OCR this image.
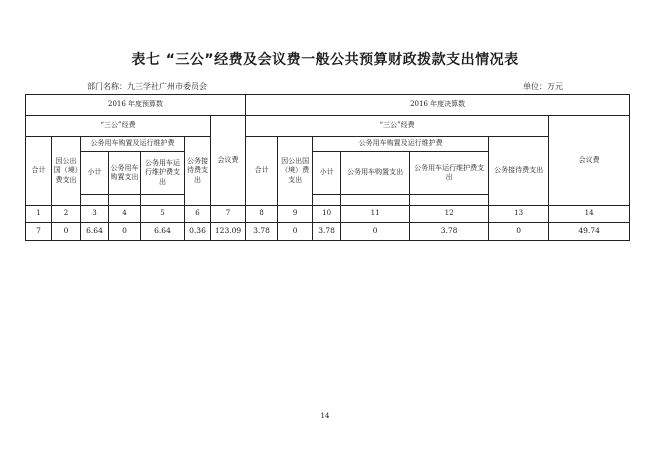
表七 “三公”经费及会议费一般公共预算财政拨款支出情况表
部门名称：九三学社广州市委员会	单位：万元
2016 年度预算数							2016 年度决算数						
“三公”经费						会议费	“三公”经费						会议费
合计	因公出国（境）费支出	公务用车购置及运行维护费			公务接待费支出		合计	因公出国（境）费支出	公务用车购置及运行维护费			公务接待费支出	
		小计	公务用车购置支出	公务用车运行维护费支出					小计	公务用车购置支出	公务用车运行维护费支出		

1	2	3	4	5	6	7	8	9	10	11	12	13	14
7	0	6.64	0	6.64	0.36	123.09	3.78	0	3.78	0	3.78	0	49.74
14
